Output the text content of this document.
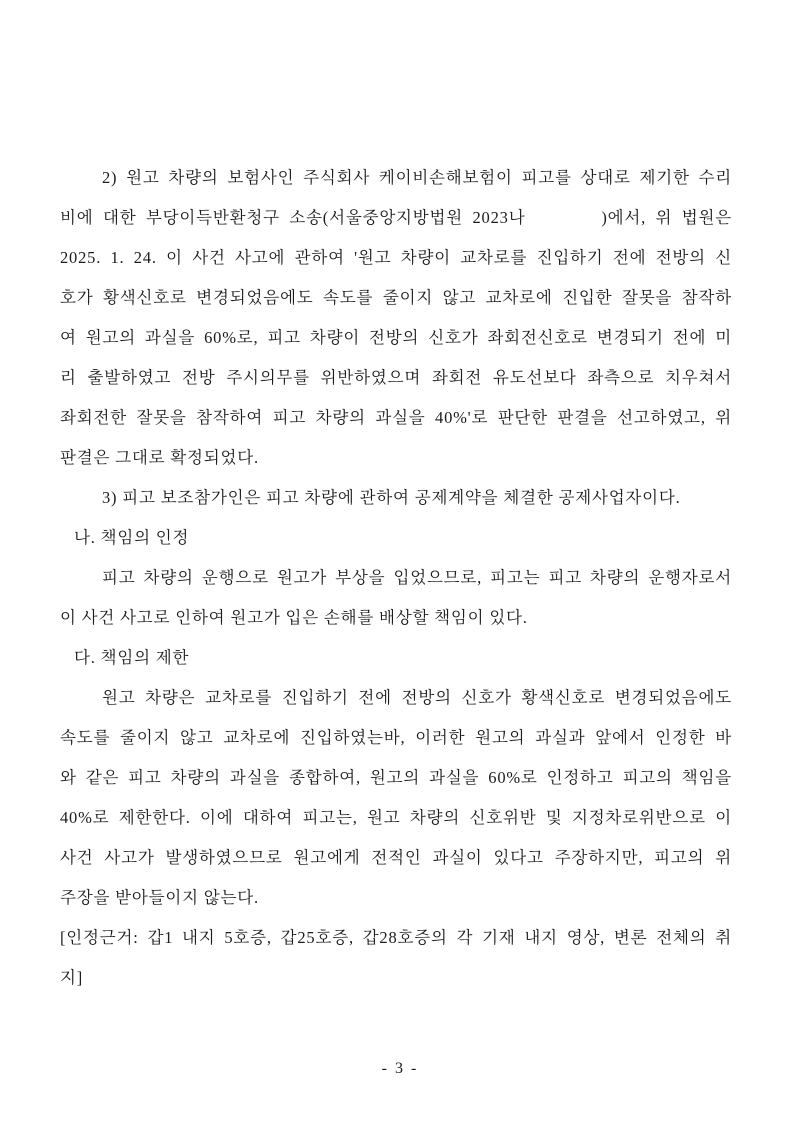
2) 원고 차량의 보험사인 주식회사 케이비손해보험이 피고를 상대로 제기한 수리
비에 대한 부당이득반환청구 소송(서울중앙지방법원 2023나        )에서, 위 법원은
2025. 1. 24. 이 사건 사고에 관하여 '원고 차량이 교차로를 진입하기 전에 전방의 신
호가 황색신호로 변경되었음에도 속도를 줄이지 않고 교차로에 진입한 잘못을 참작하
여 원고의 과실을 60%로, 피고 차량이 전방의 신호가 좌회전신호로 변경되기 전에 미
리 출발하였고 전방 주시의무를 위반하였으며 좌회전 유도선보다 좌측으로 치우쳐서
좌회전한 잘못을 참작하여 피고 차량의 과실을 40%'로 판단한 판결을 선고하였고, 위
판결은 그대로 확정되었다.
3) 피고 보조참가인은 피고 차량에 관하여 공제계약을 체결한 공제사업자이다.
나. 책임의 인정
피고 차량의 운행으로 원고가 부상을 입었으므로, 피고는 피고 차량의 운행자로서
이 사건 사고로 인하여 원고가 입은 손해를 배상할 책임이 있다.
다. 책임의 제한
원고 차량은 교차로를 진입하기 전에 전방의 신호가 황색신호로 변경되었음에도
속도를 줄이지 않고 교차로에 진입하였는바, 이러한 원고의 과실과 앞에서 인정한 바
와 같은 피고 차량의 과실을 종합하여, 원고의 과실을 60%로 인정하고 피고의 책임을
40%로 제한한다. 이에 대하여 피고는, 원고 차량의 신호위반 및 지정차로위반으로 이
사건 사고가 발생하였으므로 원고에게 전적인 과실이 있다고 주장하지만, 피고의 위
주장을 받아들이지 않는다.
[인정근거: 갑1 내지 5호증, 갑25호증, 갑28호증의 각 기재 내지 영상, 변론 전체의 취
지]
- 3 -
